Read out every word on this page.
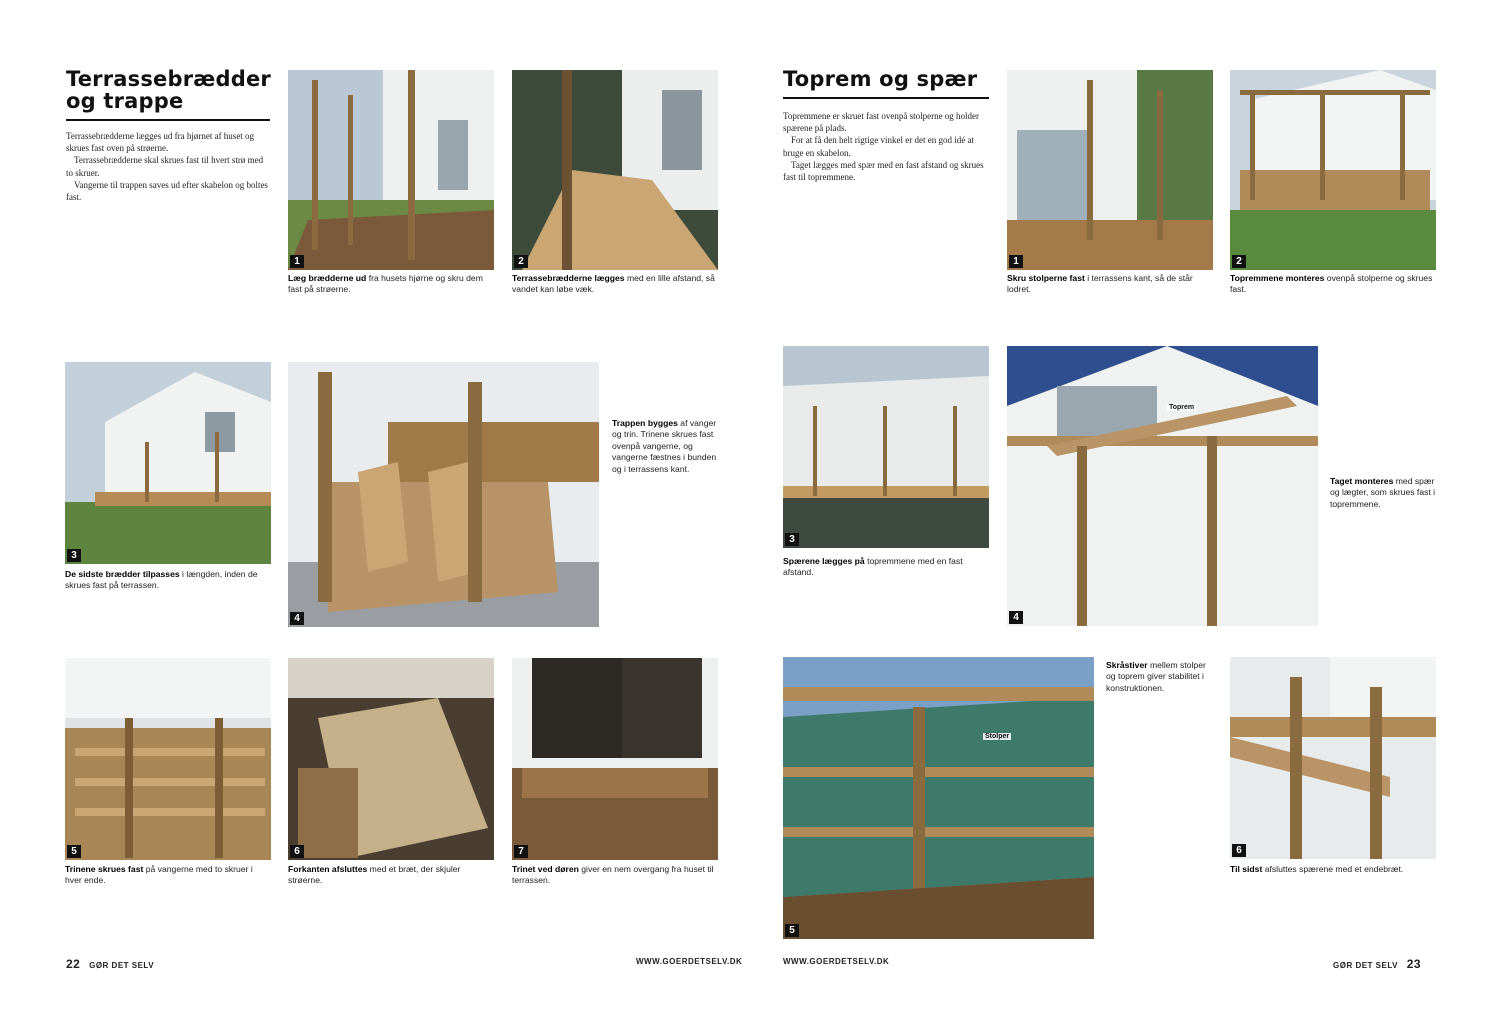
Terrassebrædder
og trappe

Terrassebrædderne lægges ud fra hjørnet af huset og skrues fast oven på strøerne.

Terrassebrædderne skal skrues fast til hvert strø med to skruer.

Vangerne til trappen saves ud efter skabelon og boltes fast.

1
Læg brædderne ud fra husets hjørne og skru dem fast på strøerne.
2
Terrassebrædderne lægges med en lille afstand, så vandet kan løbe væk.
3
De sidste brædder tilpasses i længden, inden de skrues fast på terrassen.
4
Trappen bygges af vanger og trin. Trinene skrues fast ovenpå vangerne, og vangerne fæstnes i bunden og i terrassens kant.
5
Trinene skrues fast på vangerne med to skruer i hver ende.
6
Forkanten afsluttes med et bræt, der skjuler strøerne.
7
Trinet ved døren giver en nem overgang fra huset til terrassen.
22 GØR DET SELV	WWW.GOERDETSELV.DK
Toprem og spær

Topremmene er skruet fast ovenpå stolperne og holder spærene på plads.

For at få den helt rigtige vinkel er det en god idé at bruge en skabelon.

Taget lægges med spær med en fast afstand og skrues fast til topremmene.

1
Skru stolperne fast i terrassens kant, så de står lodret.
2
Topremmene monteres ovenpå stolperne og skrues fast.
3
Spærene lægges på topremmene med en fast afstand.
Toprem
4
Taget monteres med spær og lægter, som skrues fast i topremmene.
Stolper
5
Skråstiver mellem stolper og toprem giver stabilitet i konstruktionen.
6
Til sidst afsluttes spærene med et endebræt.
WWW.GOERDETSELV.DK	GØR DET SELV 23
